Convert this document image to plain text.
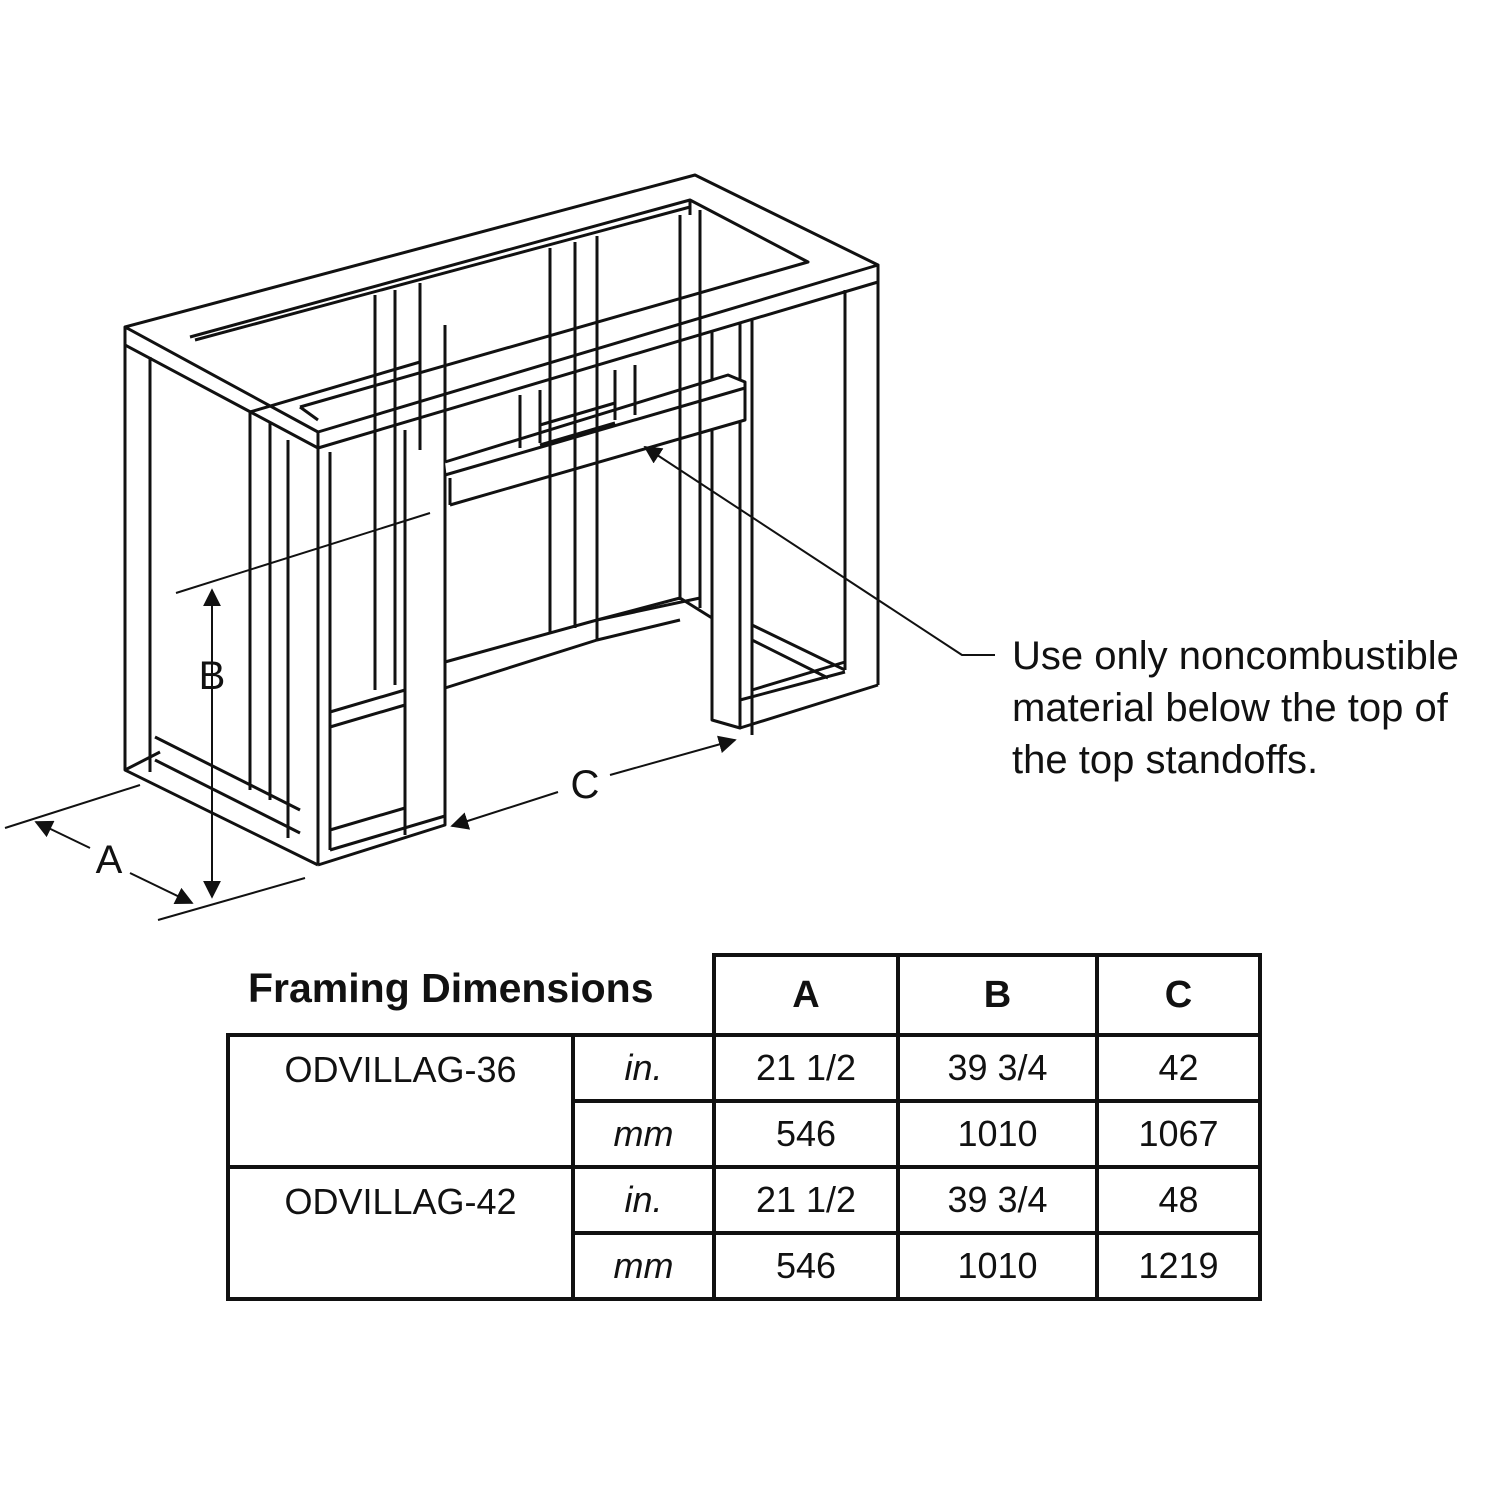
A
B
C
Use only noncombustible
material below the top of
the top standoffs.
Framing Dimensions
		A	B	C
ODVILLAG-36	in.	21 1/2	39 3/4	42
	mm	546	1010	1067
ODVILLAG-42	in.	21 1/2	39 3/4	48
	mm	546	1010	1219
